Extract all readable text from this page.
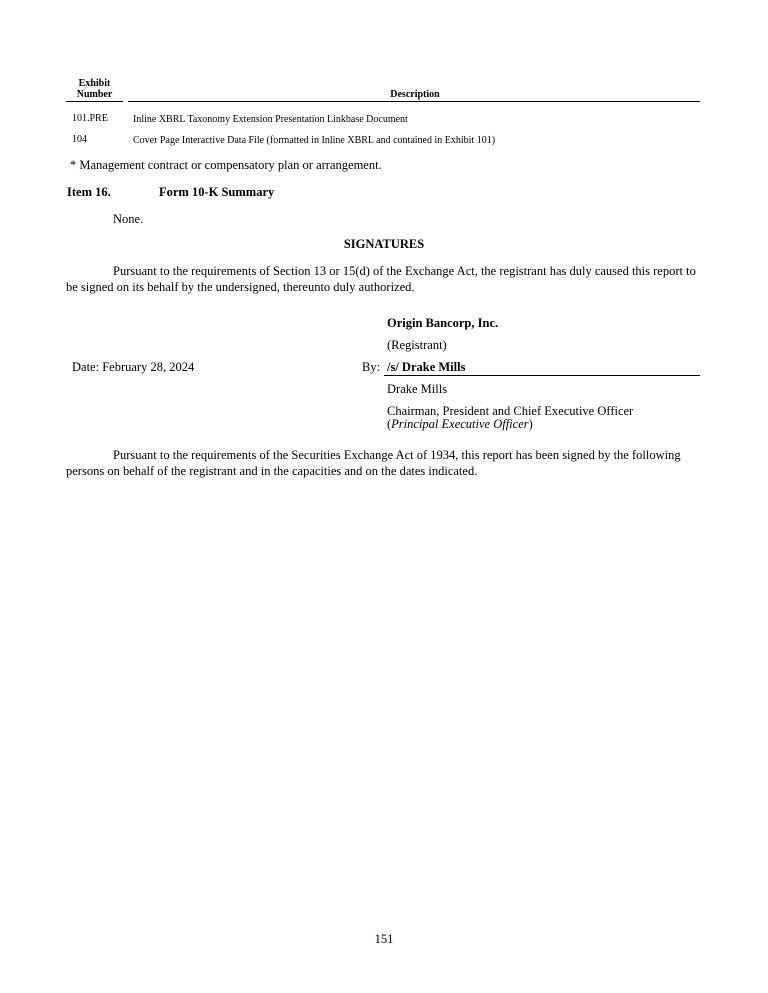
Exhibit
Number	Description
101.PRE	Inline XBRL Taxonomy Extension Presentation Linkbase Document
104	Cover Page Interactive Data File (formatted in Inline XBRL and contained in Exhibit 101)
* Management contract or compensatory plan or arrangement.
Item 16.	Form 10-K Summary
None.
SIGNATURES
Pursuant to the requirements of Section 13 or 15(d) of the Exchange Act, the registrant has duly caused this report to be signed on its behalf by the undersigned, thereunto duly authorized.
Origin Bancorp, Inc.
(Registrant)
Date: February 28, 2024	By: /s/ Drake Mills
Drake Mills
Chairman, President and Chief Executive Officer
(Principal Executive Officer)
Pursuant to the requirements of the Securities Exchange Act of 1934, this report has been signed by the following persons on behalf of the registrant and in the capacities and on the dates indicated.
151
